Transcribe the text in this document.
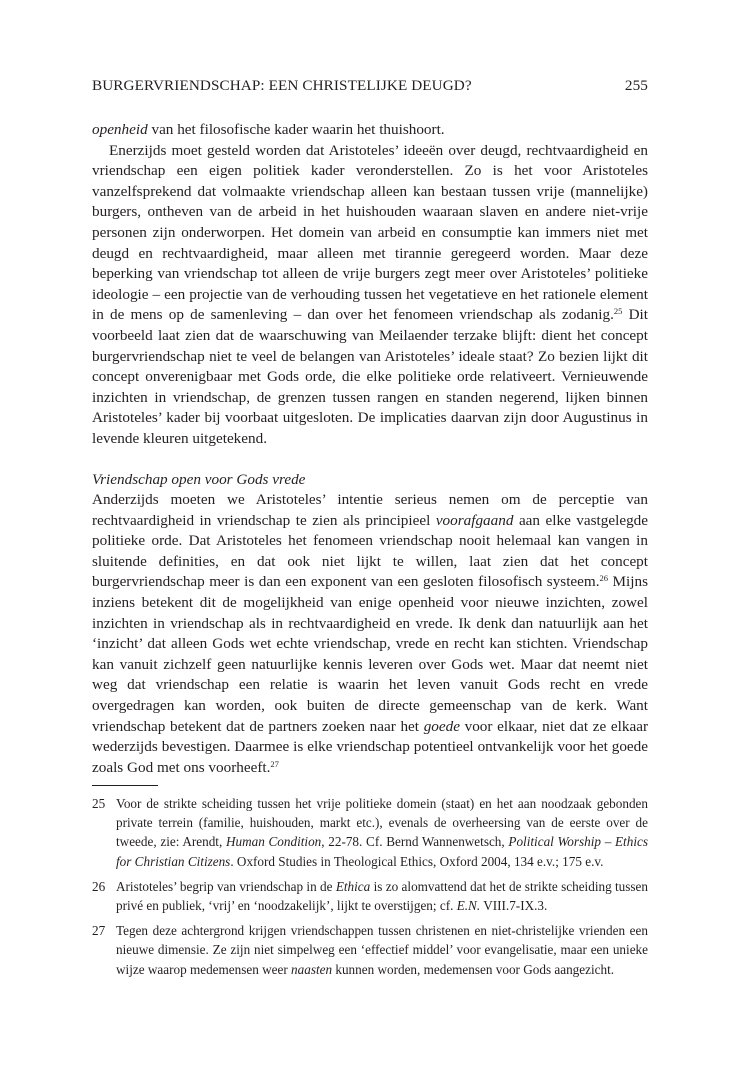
BURGERVRIENDSCHAP: EEN CHRISTELIJKE DEUGD?	255

openheid van het filosofische kader waarin het thuishoort.

Enerzijds moet gesteld worden dat Aristoteles’ ideeën over deugd, rechtvaardigheid en vriendschap een eigen politiek kader veronderstellen. Zo is het voor Aristoteles vanzelfsprekend dat volmaakte vriendschap alleen kan bestaan tussen vrije (mannelijke) burgers, ontheven van de arbeid in het huishouden waaraan slaven en andere niet-vrije personen zijn onderworpen. Het domein van arbeid en consumptie kan immers niet met deugd en rechtvaardigheid, maar alleen met tirannie geregeerd worden. Maar deze beperking van vriendschap tot alleen de vrije burgers zegt meer over Aristoteles’ politieke ideologie – een projectie van de verhouding tussen het vegetatieve en het rationele element in de mens op de samenleving – dan over het fenomeen vriendschap als zodanig.$^{25}$ Dit voorbeeld laat zien dat de waarschuwing van Meilaender terzake blijft: dient het concept burgervriendschap niet te veel de belangen van Aristoteles’ ideale staat? Zo bezien lijkt dit concept onverenigbaar met Gods orde, die elke politieke orde relativeert. Vernieuwende inzichten in vriendschap, de grenzen tussen rangen en standen negerend, lijken binnen Aristoteles’ kader bij voorbaat uitgesloten. De implicaties daarvan zijn door Augustinus in levende kleuren uitgetekend.

Vriendschap open voor Gods vrede

Anderzijds moeten we Aristoteles’ intentie serieus nemen om de perceptie van rechtvaardigheid in vriendschap te zien als principieel voorafgaand aan elke vastgelegde politieke orde. Dat Aristoteles het fenomeen vriendschap nooit helemaal kan vangen in sluitende definities, en dat ook niet lijkt te willen, laat zien dat het concept burgervriendschap meer is dan een exponent van een gesloten filosofisch systeem.$^{26}$ Mijns inziens betekent dit de mogelijkheid van enige openheid voor nieuwe inzichten, zowel inzichten in vriendschap als in rechtvaardigheid en vrede. Ik denk dan natuurlijk aan het ‘inzicht’ dat alleen Gods wet echte vriendschap, vrede en recht kan stichten. Vriendschap kan vanuit zichzelf geen natuurlijke kennis leveren over Gods wet. Maar dat neemt niet weg dat vriendschap een relatie is waarin het leven vanuit Gods recht en vrede overgedragen kan worden, ook buiten de directe gemeenschap van de kerk. Want vriendschap betekent dat de partners zoeken naar het goede voor elkaar, niet dat ze elkaar wederzijds bevestigen. Daarmee is elke vriendschap potentieel ontvankelijk voor het goede zoals God met ons voorheeft.$^{27}$

25 Voor de strikte scheiding tussen het vrije politieke domein (staat) en het aan noodzaak gebonden private terrein (familie, huishouden, markt etc.), evenals de overheersing van de eerste over de tweede, zie: Arendt, Human Condition, 22-78. Cf. Bernd Wannenwetsch, Political Worship – Ethics for Christian Citizens. Oxford Studies in Theological Ethics, Oxford 2004, 134 e.v.; 175 e.v.
26 Aristoteles’ begrip van vriendschap in de Ethica is zo alomvattend dat het de strikte scheiding tussen privé en publiek, ‘vrij’ en ‘noodzakelijk’, lijkt te overstijgen; cf. E.N. VIII.7-IX.3.
27 Tegen deze achtergrond krijgen vriendschappen tussen christenen en niet-christelijke vrienden een nieuwe dimensie. Ze zijn niet simpelweg een ‘effectief middel’ voor evangelisatie, maar een unieke wijze waarop medemensen weer naasten kunnen worden, medemensen voor Gods aangezicht.
